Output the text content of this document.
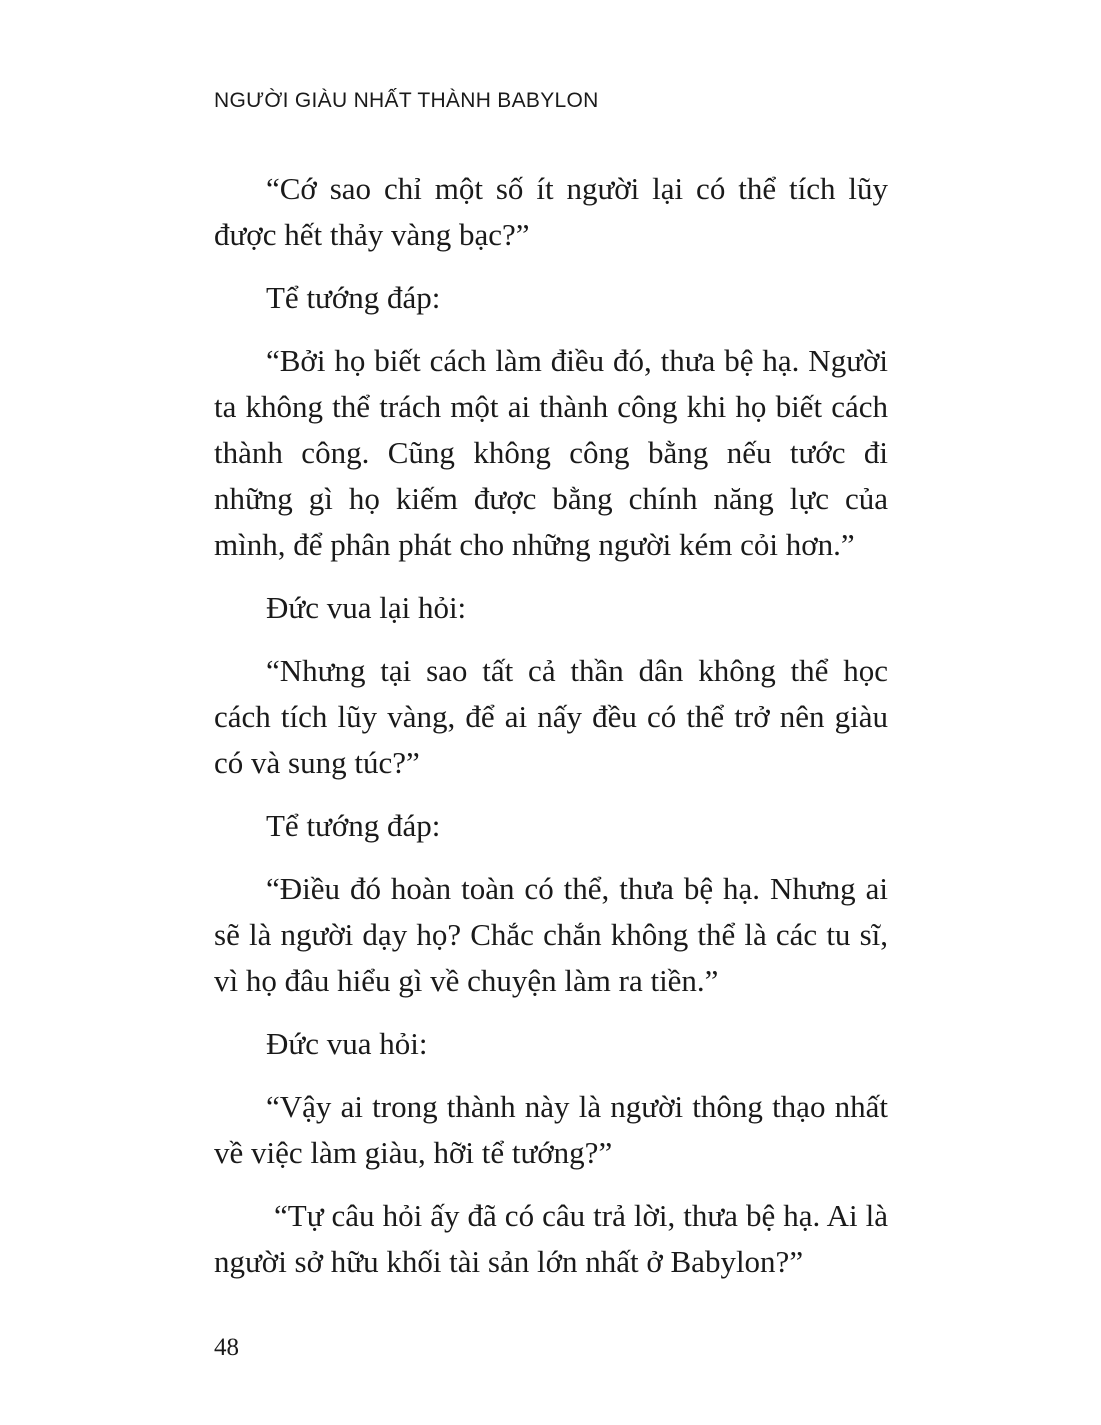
NGƯỜI GIÀU NHẤT THÀNH BABYLON

“Cớ sao chỉ một số ít người lại có thể tích lũy được hết thảy vàng bạc?”

Tể tướng đáp:

“Bởi họ biết cách làm điều đó, thưa bệ hạ. Người ta không thể trách một ai thành công khi họ biết cách thành công. Cũng không công bằng nếu tước đi những gì họ kiếm được bằng chính năng lực của mình, để phân phát cho những người kém cỏi hơn.”

Đức vua lại hỏi:

“Nhưng tại sao tất cả thần dân không thể học cách tích lũy vàng, để ai nấy đều có thể trở nên giàu có và sung túc?”

Tể tướng đáp:

“Điều đó hoàn toàn có thể, thưa bệ hạ. Nhưng ai sẽ là người dạy họ? Chắc chắn không thể là các tu sĩ, vì họ đâu hiểu gì về chuyện làm ra tiền.”

Đức vua hỏi:

“Vậy ai trong thành này là người thông thạo nhất về việc làm giàu, hỡi tể tướng?”

“Tự câu hỏi ấy đã có câu trả lời, thưa bệ hạ. Ai là người sở hữu khối tài sản lớn nhất ở Babylon?”

48
